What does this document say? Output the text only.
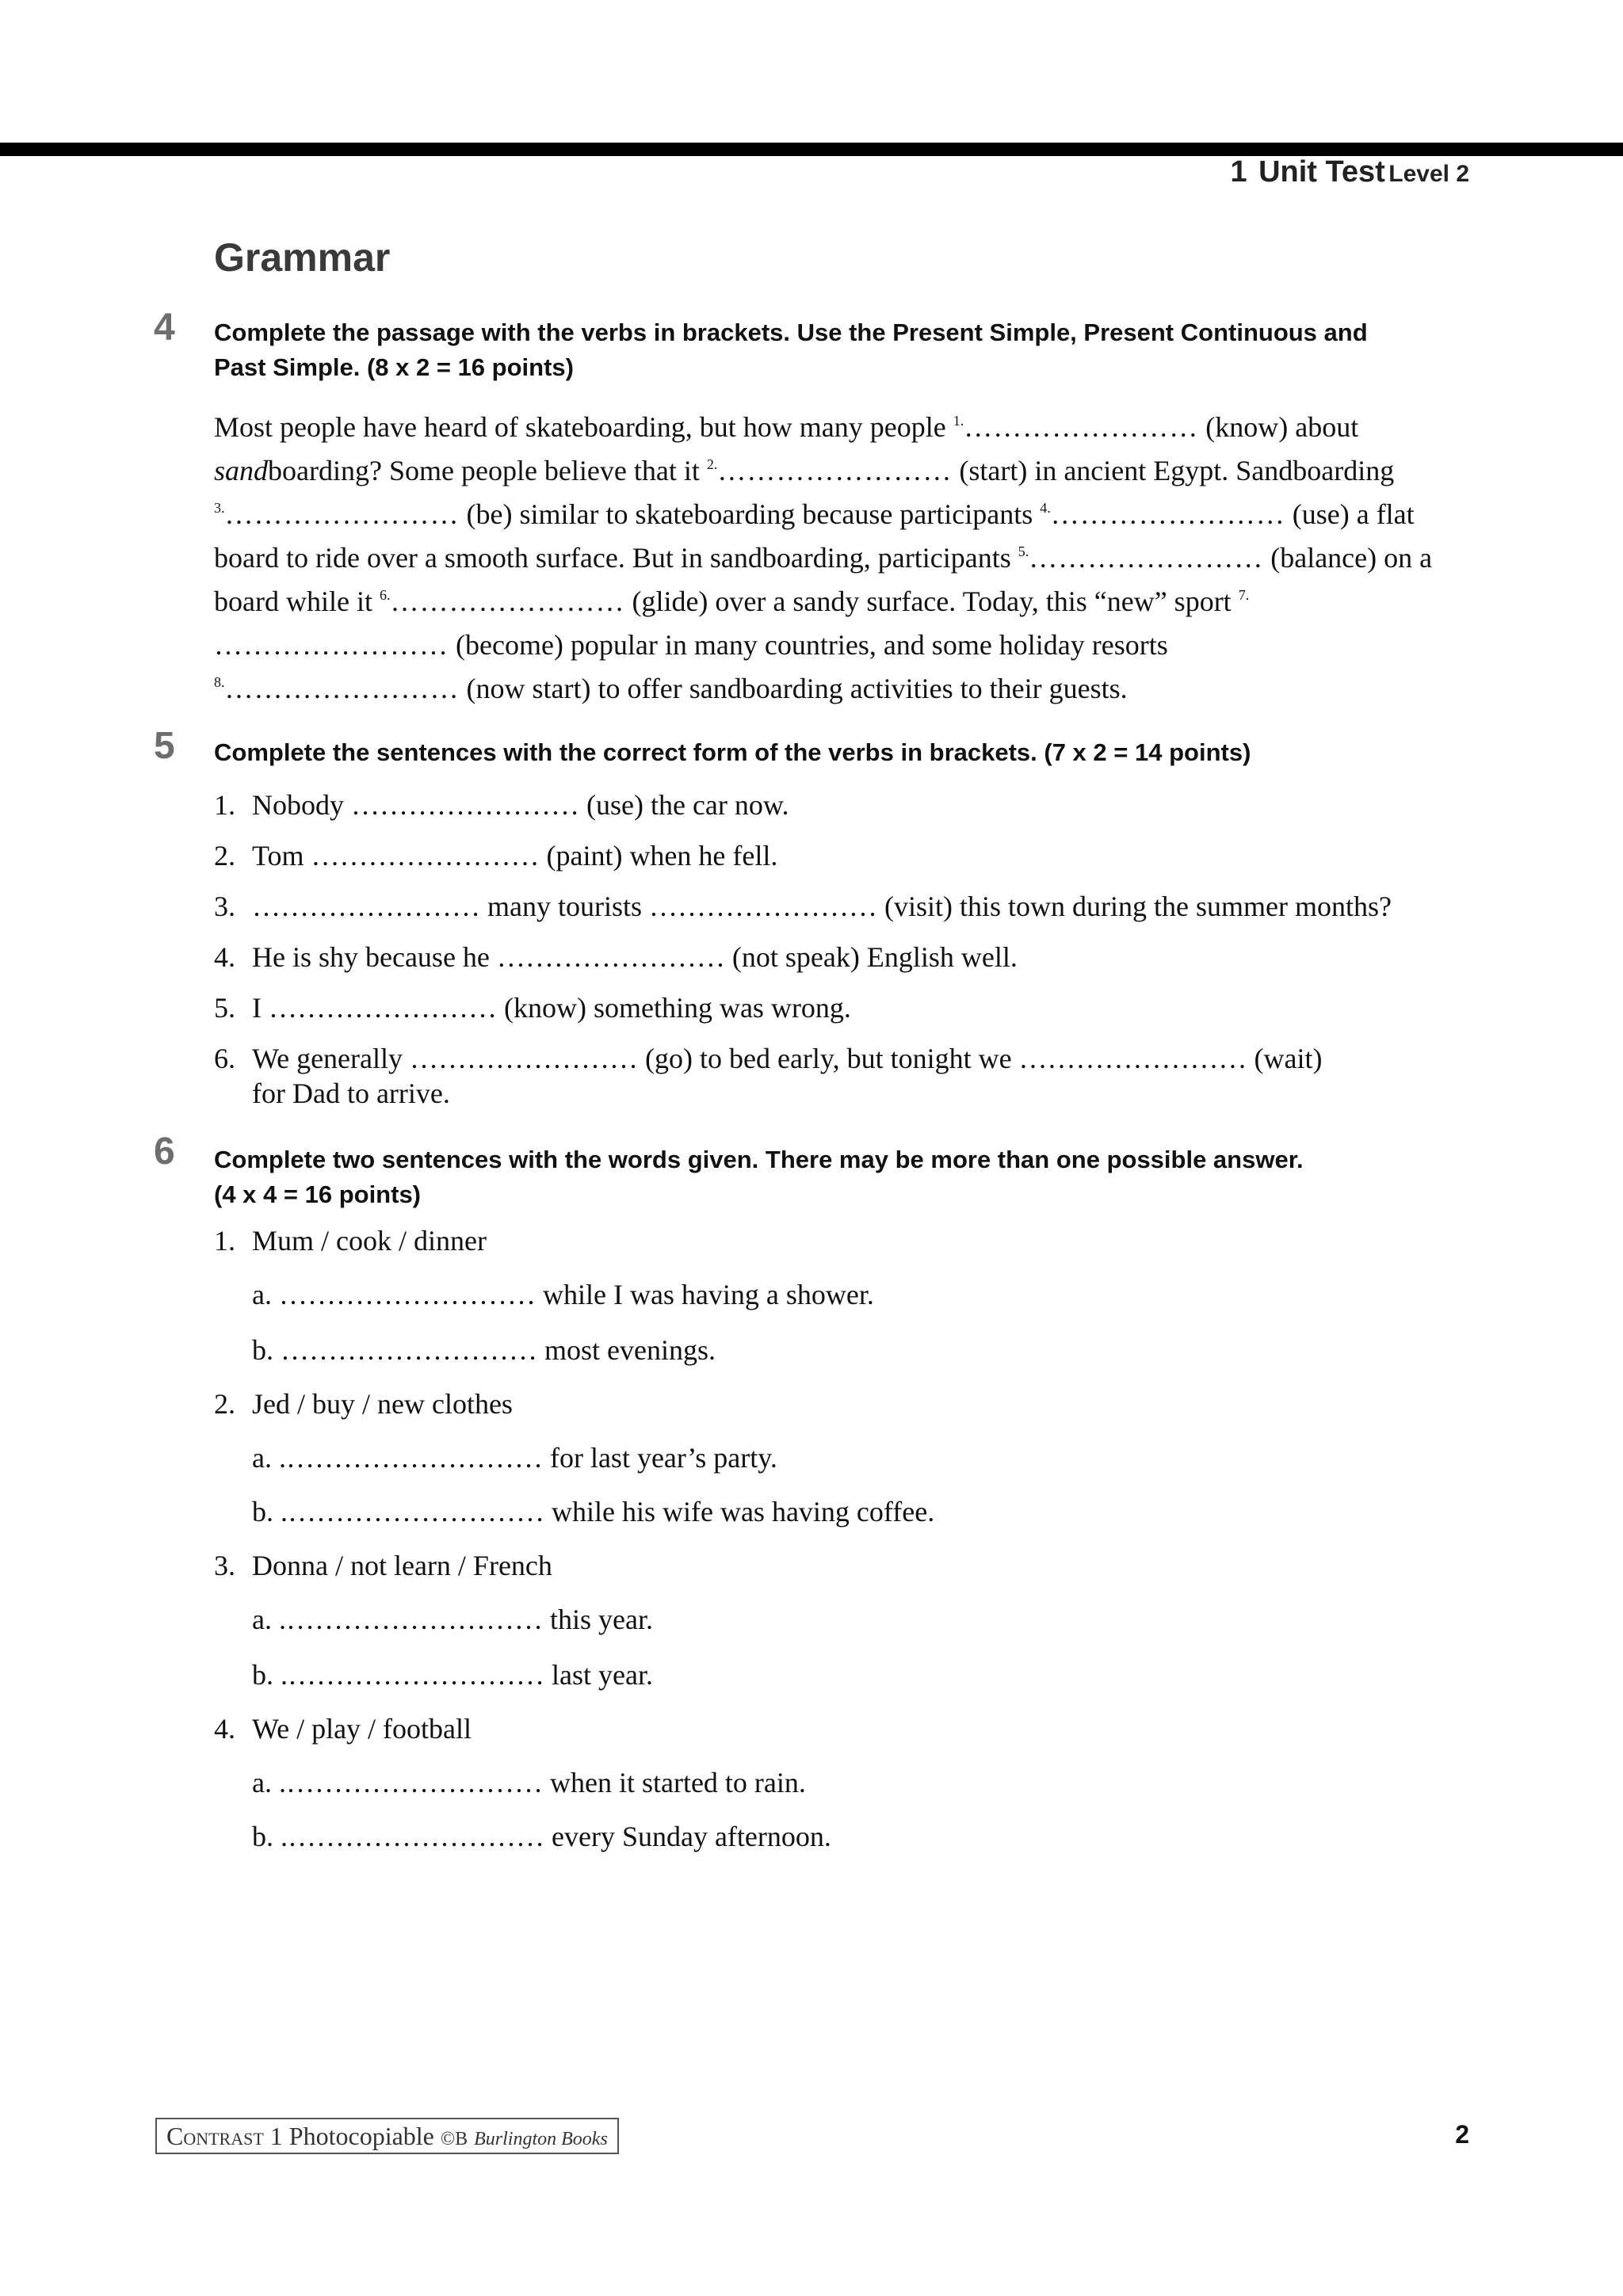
1 Unit Test Level 2
Grammar
4 Complete the passage with the verbs in brackets. Use the Present Simple, Present Continuous and
Past Simple. (8 x 2 = 16 points)
Most people have heard of skateboarding, but how many people $^{1.}$…………………… (know) about
sandboarding? Some people believe that it $^{2.}$…………………… (start) in ancient Egypt. Sandboarding
$^{3.}$…………………… (be) similar to skateboarding because participants $^{4.}$…………………… (use) a flat board to ride over a smooth surface. But in sandboarding, participants $^{5.}$…………………… (balance) on a board while it $^{6.}$…………………… (glide) over a sandy surface. Today, this “new” sport $^{7.}$
…………………… (become) popular in many countries, and some holiday resorts
$^{8.}$…………………… (now start) to offer sandboarding activities to their guests.
5 Complete the sentences with the correct form of the verbs in brackets. (7 x 2 = 14 points)
1. Nobody …………………… (use) the car now.
2. Tom …………………… (paint) when he fell.
3. …………………… many tourists …………………… (visit) this town during the summer months?
4. He is shy because he …………………… (not speak) English well.
5. I …………………… (know) something was wrong.
6. We generally …………………… (go) to bed early, but tonight we …………………… (wait)
for Dad to arrive.
6 Complete two sentences with the words given. There may be more than one possible answer.
(4 x 4 = 16 points)
1. Mum / cook / dinner
a. ……………………… while I was having a shower.
b. ……………………… most evenings.
2. Jed / buy / new clothes
a. .……………………… for last year’s party.
b. .……………………… while his wife was having coffee.
3. Donna / not learn / French
a. .……………………… this year.
b. .……………………… last year.
4. We / play / football
a. .……………………… when it started to rain.
b. .……………………… every Sunday afternoon.
Contrast 1 Photocopiable ©B Burlington Books	2
